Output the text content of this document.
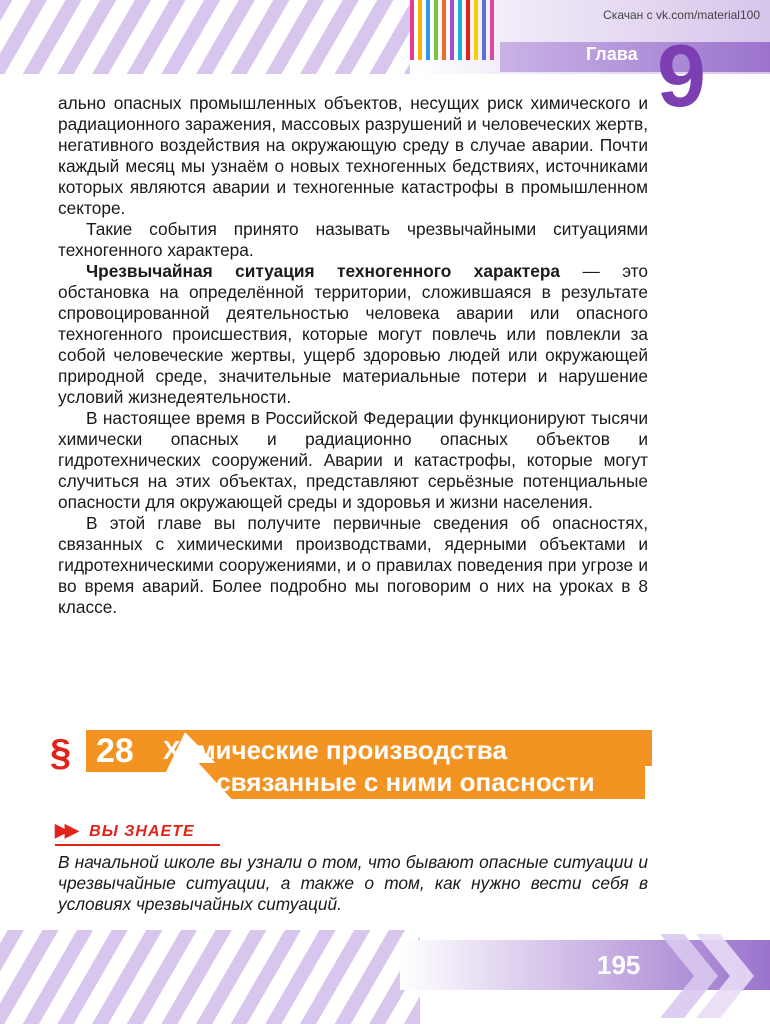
Скачан с vk.com/material100
Глава 9

ально опасных промышленных объектов, несущих риск химического и радиационного заражения, массовых разрушений и человеческих жертв, негативного воздействия на окружающую среду в случае аварии. Почти каждый месяц мы узнаём о новых техногенных бедствиях, источниками которых являются аварии и техногенные катастрофы в промышленном секторе.

Такие события принято называть чрезвычайными ситуациями техногенного характера.

Чрезвычайная ситуация техногенного характера — это обстановка на определённой территории, сложившаяся в результате спровоцированной деятельностью человека аварии или опасного техногенного происшествия, которые могут повлечь или повлекли за собой человеческие жертвы, ущерб здоровью людей или окружающей природной среде, значительные материальные потери и нарушение условий жизнедеятельности.

В настоящее время в Российской Федерации функционируют тысячи химически опасных и радиационно опасных объектов и гидротехнических сооружений. Аварии и катастрофы, которые могут случиться на этих объектах, представляют серьёзные потенциальные опасности для окружающей среды и здоровья и жизни населения.

В этой главе вы получите первичные сведения об опасностях, связанных с химическими производствами, ядерными объектами и гидротехническими сооружениями, и о правилах поведения при угрозе и во время аварий. Более подробно мы поговорим о них на уроках в 8 классе.

§ 28 Химические производства
и связанные с ними опасности
▶▶ ВЫ ЗНАЕТЕ
В начальной школе вы узнали о том, что бывают опасные ситуации и чрезвычайные ситуации, а также о том, как нужно вести себя в условиях чрезвычайных ситуаций.
195
